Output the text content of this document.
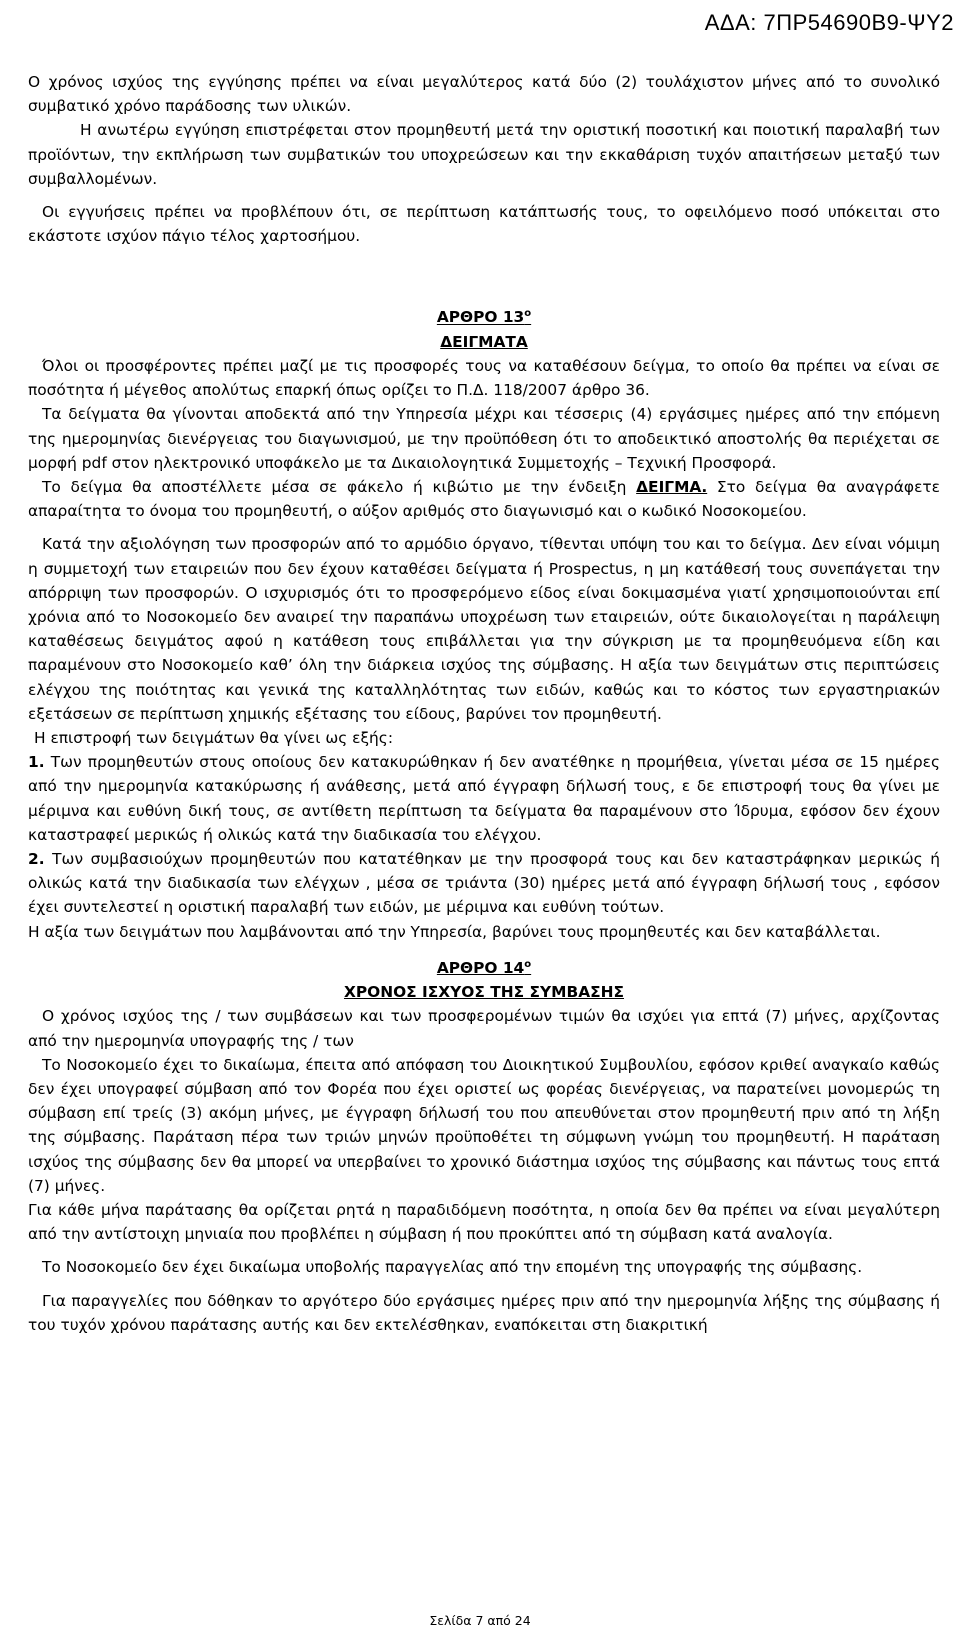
ΑΔΑ: 7ΠΡ54690Β9-ΨΥ2

Ο χρόνος ισχύος της εγγύησης πρέπει να είναι μεγαλύτερος κατά δύο (2) τουλάχιστον μήνες από το συνολικό συμβατικό χρόνο παράδοσης των υλικών.

Η ανωτέρω εγγύηση επιστρέφεται στον προμηθευτή μετά την οριστική ποσοτική και ποιοτική παραλαβή των προϊόντων, την εκπλήρωση των συμβατικών του υποχρεώσεων και την εκκαθάριση τυχόν απαιτήσεων μεταξύ των συμβαλλομένων.

Οι εγγυήσεις πρέπει να προβλέπουν ότι, σε περίπτωση κατάπτωσής τους, το οφειλόμενο ποσό υπόκειται στο εκάστοτε ισχύον πάγιο τέλος χαρτοσήμου.

ΑΡΘΡΟ $13^o$

ΔΕΙΓΜΑΤΑ

Όλοι οι προσφέροντες πρέπει μαζί με τις προσφορές τους να καταθέσουν δείγμα, το οποίο θα πρέπει να είναι σε ποσότητα ή μέγεθος απολύτως επαρκή όπως ορίζει το Π.Δ. 118/2007 άρθρο 36.

Τα δείγματα θα γίνονται αποδεκτά από την Υπηρεσία μέχρι και τέσσερις (4) εργάσιμες ημέρες από την επόμενη της ημερομηνίας διενέργειας του διαγωνισμού, με την προϋπόθεση ότι το αποδεικτικό αποστολής θα περιέχεται σε μορφή pdf στον ηλεκτρονικό υποφάκελο με τα Δικαιολογητικά Συμμετοχής – Τεχνική Προσφορά.

Το δείγμα θα αποστέλλετε μέσα σε φάκελο ή κιβώτιο με την ένδειξη ΔΕΙΓΜΑ. Στο δείγμα θα αναγράφετε απαραίτητα το όνομα του προμηθευτή, ο αύξον αριθμός στο διαγωνισμό και ο κωδικό Νοσοκομείου.

Κατά την αξιολόγηση των προσφορών από το αρμόδιο όργανο, τίθενται υπόψη του και το δείγμα. Δεν είναι νόμιμη η συμμετοχή των εταιρειών που δεν έχουν καταθέσει δείγματα ή Prospectus, η μη κατάθεσή τους συνεπάγεται την απόρριψη των προσφορών. Ο ισχυρισμός ότι το προσφερόμενο είδος είναι δοκιμασμένα γιατί χρησιμοποιούνται επί χρόνια από το Νοσοκομείο δεν αναιρεί την παραπάνω υποχρέωση των εταιρειών, ούτε δικαιολογείται η παράλειψη καταθέσεως δειγμάτος αφού η κατάθεση τους επιβάλλεται για την σύγκριση με τα προμηθευόμενα είδη και παραμένουν στο Νοσοκομείο καθ’ όλη την διάρκεια ισχύος της σύμβασης. Η αξία των δειγμάτων στις περιπτώσεις ελέγχου της ποιότητας και γενικά της καταλληλότητας των ειδών, καθώς και το κόστος των εργαστηριακών εξετάσεων σε περίπτωση χημικής εξέτασης του είδους, βαρύνει τον προμηθευτή.

Η επιστροφή των δειγμάτων θα γίνει ως εξής:

1. Των προμηθευτών στους οποίους δεν κατακυρώθηκαν ή δεν ανατέθηκε η προμήθεια, γίνεται μέσα σε 15 ημέρες από την ημερομηνία κατακύρωσης ή ανάθεσης, μετά από έγγραφη δήλωσή τους, ε δε επιστροφή τους θα γίνει με μέριμνα και ευθύνη δική τους, σε αντίθετη περίπτωση τα δείγματα θα παραμένουν στο Ίδρυμα, εφόσον δεν έχουν καταστραφεί μερικώς ή ολικώς κατά την διαδικασία του ελέγχου.

2. Των συμβασιούχων προμηθευτών που κατατέθηκαν με την προσφορά τους και δεν καταστράφηκαν μερικώς ή ολικώς κατά την διαδικασία των ελέγχων , μέσα σε τριάντα (30) ημέρες μετά από έγγραφη δήλωσή τους , εφόσον έχει συντελεστεί η οριστική παραλαβή των ειδών, με μέριμνα και ευθύνη τούτων.

Η αξία των δειγμάτων που λαμβάνονται από την Υπηρεσία, βαρύνει τους προμηθευτές και δεν καταβάλλεται.

ΑΡΘΡΟ $14^o$

ΧΡΟΝΟΣ ΙΣΧΥΟΣ ΤΗΣ ΣΥΜΒΑΣΗΣ

Ο χρόνος ισχύος της / των συμβάσεων και των προσφερομένων τιμών θα ισχύει για επτά (7) μήνες, αρχίζοντας από την ημερομηνία υπογραφής της / των

Το Νοσοκομείο έχει το δικαίωμα, έπειτα από απόφαση του Διοικητικού Συμβουλίου, εφόσον κριθεί αναγκαίο καθώς δεν έχει υπογραφεί σύμβαση από τον Φορέα που έχει οριστεί ως φορέας διενέργειας, να παρατείνει μονομερώς τη σύμβαση επί τρείς (3) ακόμη μήνες, με έγγραφη δήλωσή του που απευθύνεται στον προμηθευτή πριν από τη λήξη της σύμβασης. Παράταση πέρα των τριών μηνών προϋποθέτει τη σύμφωνη γνώμη του προμηθευτή. Η παράταση ισχύος της σύμβασης δεν θα μπορεί να υπερβαίνει το χρονικό διάστημα ισχύος της σύμβασης και πάντως τους επτά (7) μήνες.

Για κάθε μήνα παράτασης θα ορίζεται ρητά η παραδιδόμενη ποσότητα, η οποία δεν θα πρέπει να είναι μεγαλύτερη από την αντίστοιχη μηνιαία που προβλέπει η σύμβαση ή που προκύπτει από τη σύμβαση κατά αναλογία.

Το Νοσοκομείο δεν έχει δικαίωμα υποβολής παραγγελίας από την επομένη της υπογραφής της σύμβασης.

Για παραγγελίες που δόθηκαν το αργότερο δύο εργάσιμες ημέρες πριν από την ημερομηνία λήξης της σύμβασης ή του τυχόν χρόνου παράτασης αυτής και δεν εκτελέσθηκαν, εναπόκειται στη διακριτική

Σελίδα 7 από 24
